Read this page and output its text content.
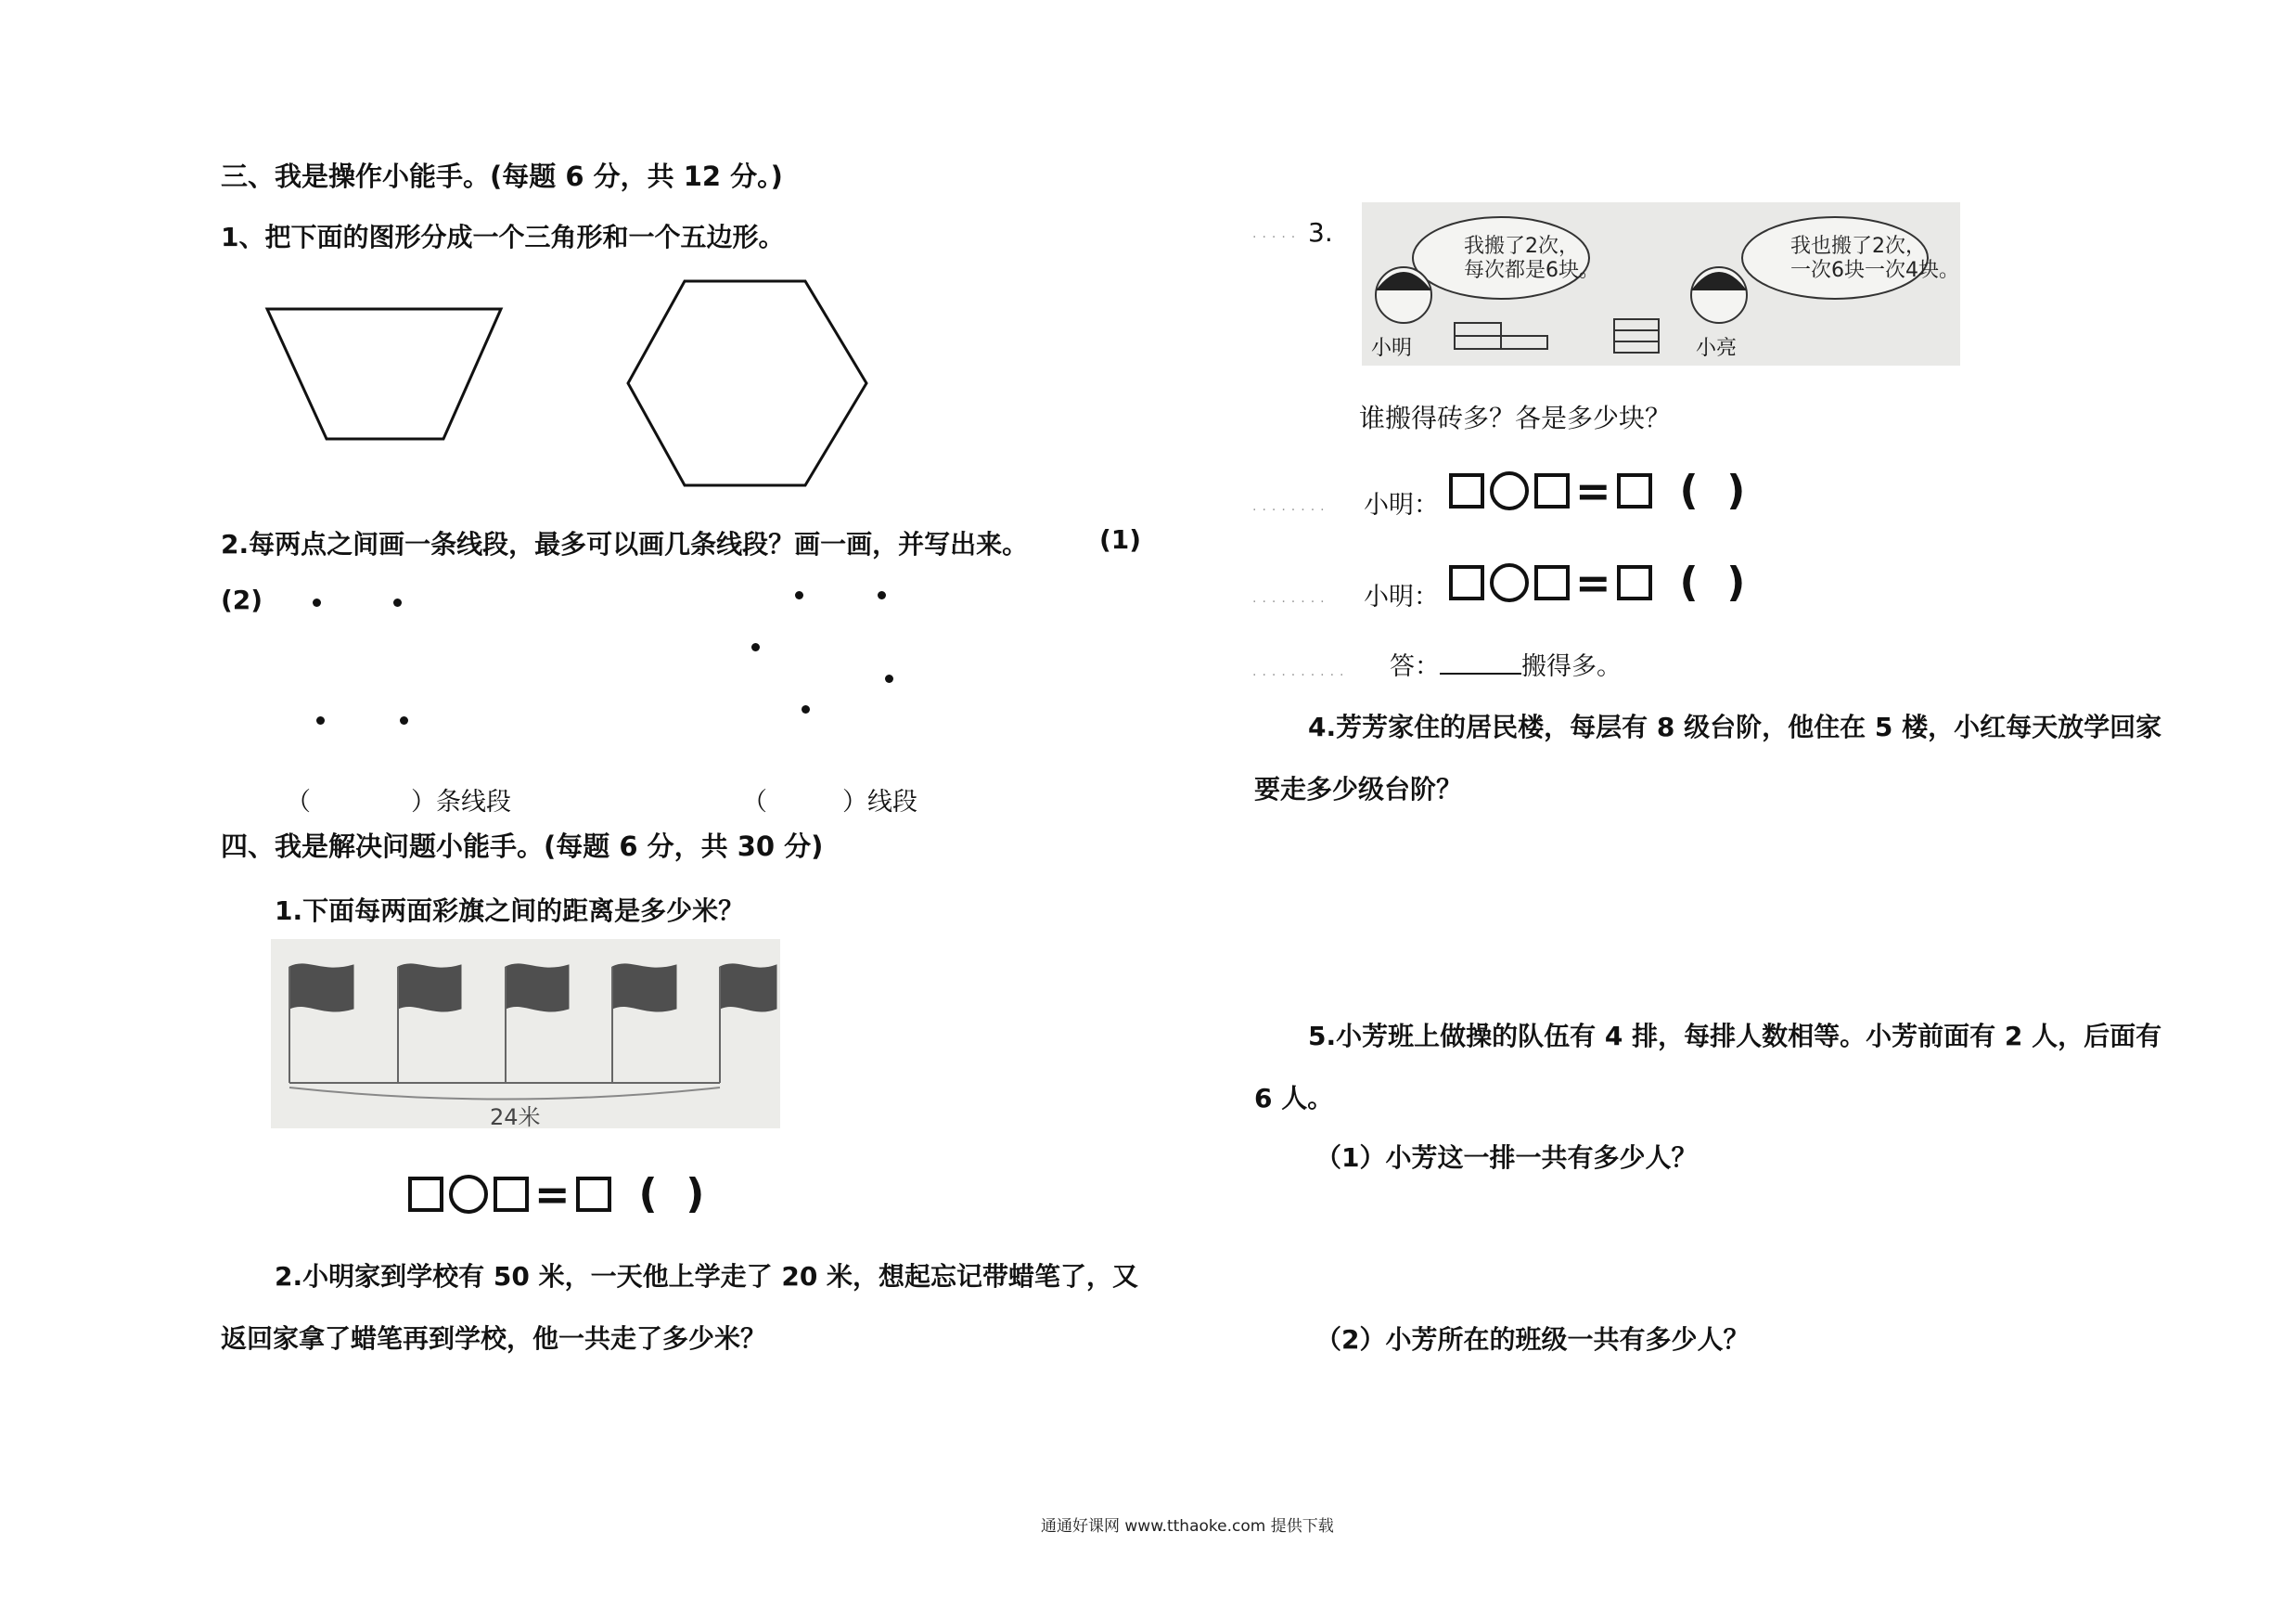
三、我是操作小能手。(每题 6 分，共 12 分。)
1、把下面的图形分成一个三角形和一个五边形。
2.每两点之间画一条线段，最多可以画几条线段？画一画，并写出来。	(1)
(2)
（　　　　）条线段	（　　　）线段
四、我是解决问题小能手。(每题 6 分，共 30 分)
1.下面每两面彩旗之间的距离是多少米？
24米
= (  )
2.小明家到学校有 50 米，一天他上学走了 20 米，想起忘记带蜡笔了，又
返回家拿了蜡笔再到学校，他一共走了多少米？
..... 3.	我搬了2次，
每次都是6块。
我也搬了2次，
一次6块一次4块。
小明	小亮
谁搬得砖多？各是多少块？
........ 小明：	= (  )
........ 小明：	= (  )
.......... 答：	搬得多。
4.芳芳家住的居民楼，每层有 8 级台阶，他住在 5 楼，小红每天放学回家
要走多少级台阶？
5.小芳班上做操的队伍有 4 排，每排人数相等。小芳前面有 2 人，后面有
6 人。
（1）小芳这一排一共有多少人？
（2）小芳所在的班级一共有多少人？
通通好课网 www.tthaoke.com 提供下载
